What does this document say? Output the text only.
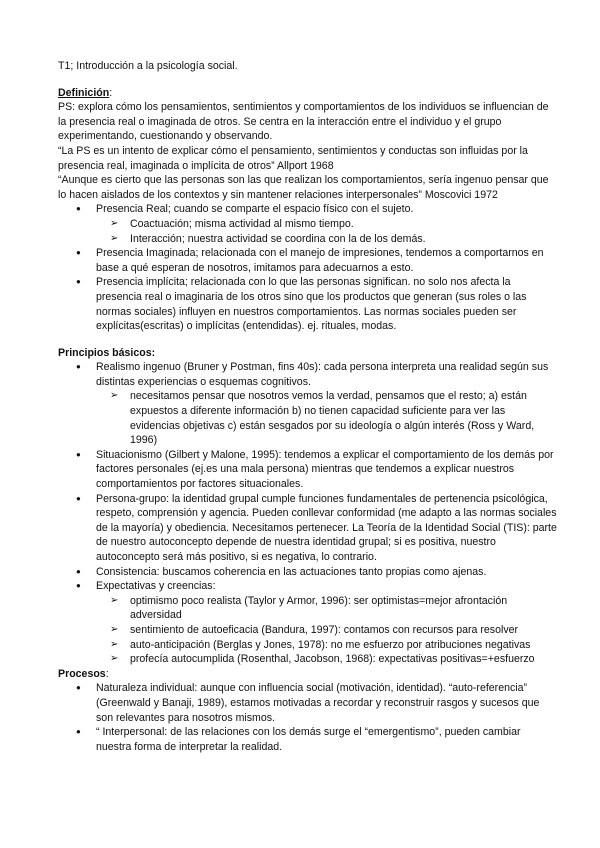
T1; Introducción a la psicología social.

Definición:

PS: explora cómo los pensamientos, sentimientos y comportamientos de los individuos se influencian de la presencia real o imaginada de otros. Se centra en la interacción entre el individuo y el grupo experimentando, cuestionando y observando.

“La PS es un intento de explicar cómo el pensamiento, sentimientos y conductas son influidas por la presencia real, imaginada o implícita de otros” Allport 1968

“Aunque es cierto que las personas son las que realizan los comportamientos, sería ingenuo pensar que lo hacen aislados de los contextos y sin mantener relaciones interpersonales” Moscovici 1972

● Presencia Real; cuando se comparte el espacio físico con el sujeto.
➢ Coactuación; misma actividad al mismo tiempo.
➢ Interacción; nuestra actividad se coordina con la de los demás.
● Presencia Imaginada; relacionada con el manejo de impresiones, tendemos a comportarnos en base a qué esperan de nosotros, imitamos para adecuarnos a esto.
● Presencia implícita; relacionada con lo que las personas significan. no solo nos afecta la presencia real o imaginaria de los otros sino que los productos que generan (sus roles o las normas sociales) influyen en nuestros comportamientos. Las normas sociales pueden ser explícitas(escritas) o implícitas (entendidas). ej. rituales, modas.

Principios básicos:

● Realismo ingenuo (Bruner y Postman, fins 40s): cada persona interpreta una realidad según sus distintas experiencias o esquemas cognitivos.
➢ necesitamos pensar que nosotros vemos la verdad, pensamos que el resto; a) están expuestos a diferente información b) no tienen capacidad suficiente para ver las evidencias objetivas c) están sesgados por su ideología o algún interés (Ross y Ward, 1996)
● Situacionismo (Gilbert y Malone, 1995): tendemos a explicar el comportamiento de los demás por factores personales (ej.es una mala persona) mientras que tendemos a explicar nuestros comportamientos por factores situacionales.
● Persona-grupo: la identidad grupal cumple funciones fundamentales de pertenencia psicológica, respeto, comprensión y agencia. Pueden conllevar conformidad (me adapto a las normas sociales de la mayoría) y obediencia. Necesitamos pertenecer. La Teoría de la Identidad Social (TIS): parte de nuestro autoconcepto depende de nuestra identidad grupal; si es positiva, nuestro autoconcepto será más positivo, si es negativa, lo contrario.
● Consistencia: buscamos coherencia en las actuaciones tanto propias como ajenas.
● Expectativas y creencias:
➢ optimismo poco realista (Taylor y Armor, 1996): ser optimistas=mejor afrontación adversidad
➢ sentimiento de autoeficacia (Bandura, 1997): contamos con recursos para resolver
➢ auto-anticipación (Berglas y Jones, 1978): no me esfuerzo por atribuciones negativas
➢ profecía autocumplida (Rosenthal, Jacobson, 1968): expectativas positivas=+esfuerzo

Procesos:

● Naturaleza individual: aunque con influencia social (motivación, identidad). “auto-referencia” (Greenwald y Banaji, 1989), estamos motivadas a recordar y reconstruir rasgos y sucesos que son relevantes para nosotros mismos.
● “ Interpersonal: de las relaciones con los demás surge el “emergentismo”, pueden cambiar nuestra forma de interpretar la realidad.
